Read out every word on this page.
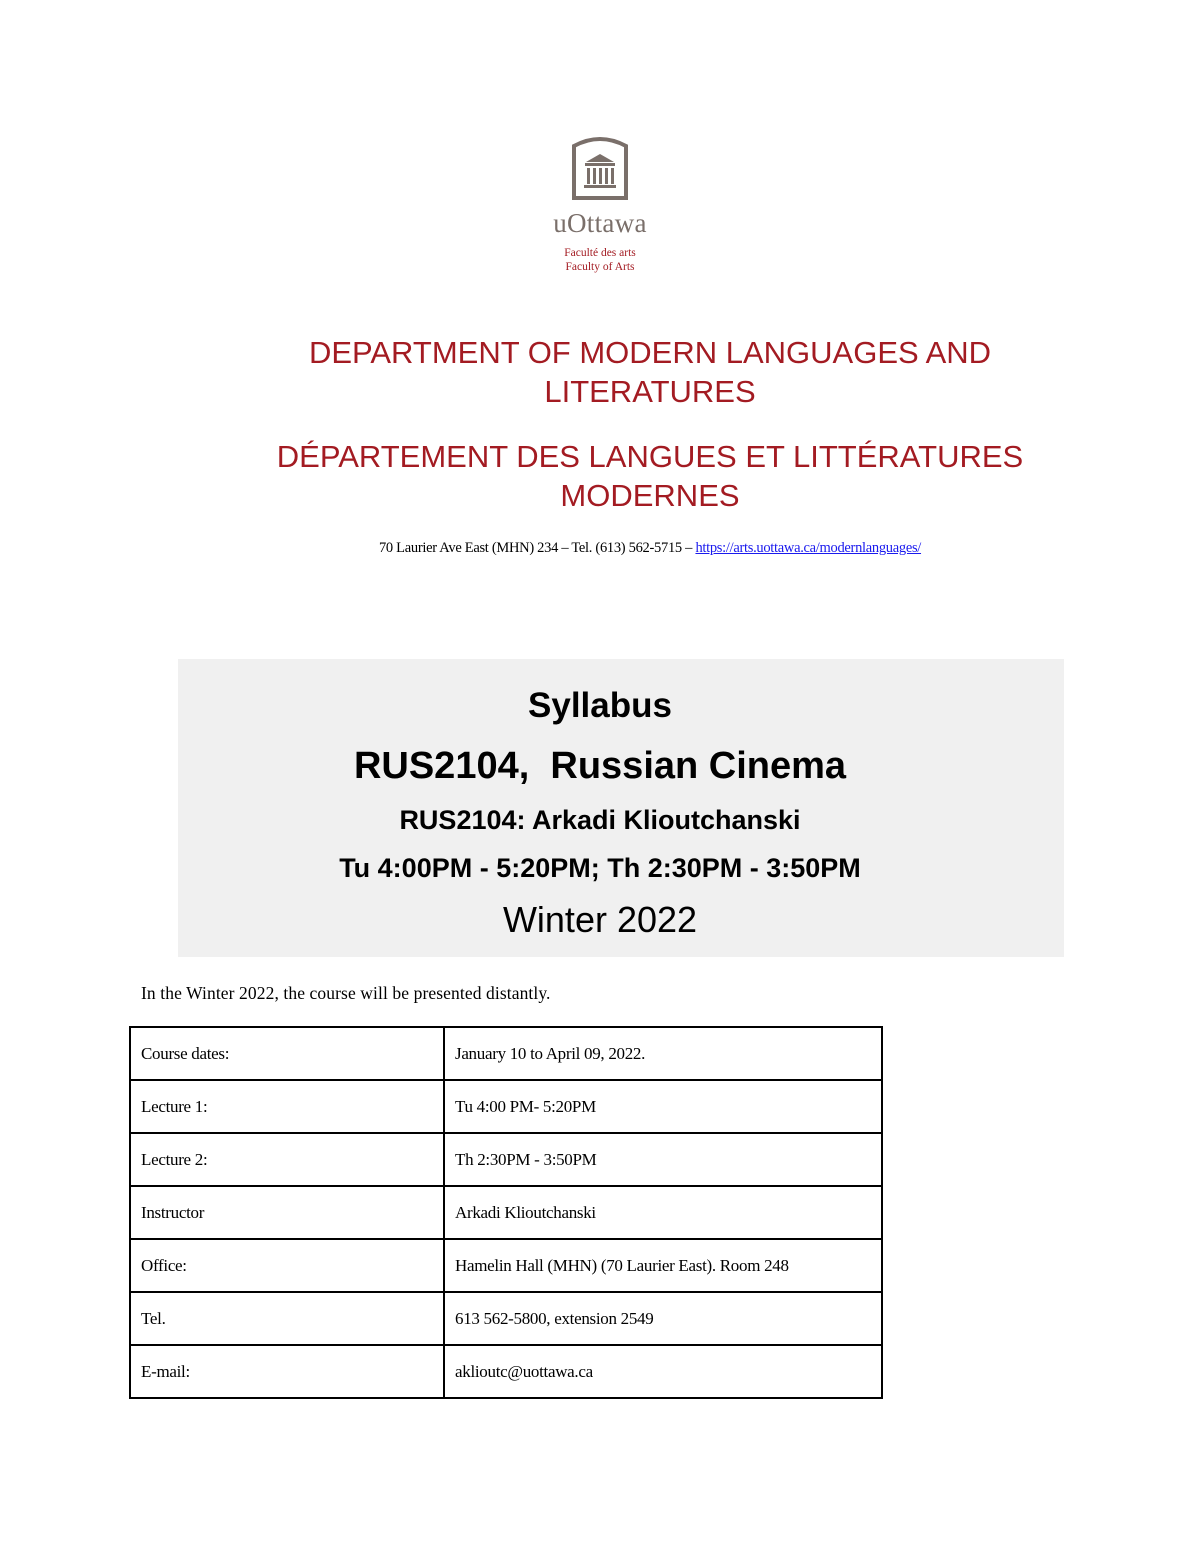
uOttawa
Faculté des arts
Faculty of Arts
DEPARTMENT OF MODERN LANGUAGES AND
LITERATURES
DÉPARTEMENT DES LANGUES ET LITTÉRATURES
MODERNES
70 Laurier Ave East (MHN) 234 – Tel. (613) 562-5715 – https://arts.uottawa.ca/modernlanguages/
Syllabus
RUS2104,  Russian Cinema
RUS2104: Arkadi Klioutchanski
Tu 4:00PM - 5:20PM; Th 2:30PM - 3:50PM
Winter 2022
In the Winter 2022, the course will be presented distantly.
Course dates:	January 10 to April 09, 2022.
Lecture 1:	Tu 4:00 PM- 5:20PM
Lecture 2:	Th 2:30PM - 3:50PM
Instructor	Arkadi Klioutchanski
Office:	Hamelin Hall (MHN) (70 Laurier East). Room 248
Tel.	613 562-5800, extension 2549
E-mail:	aklioutc@uottawa.ca
